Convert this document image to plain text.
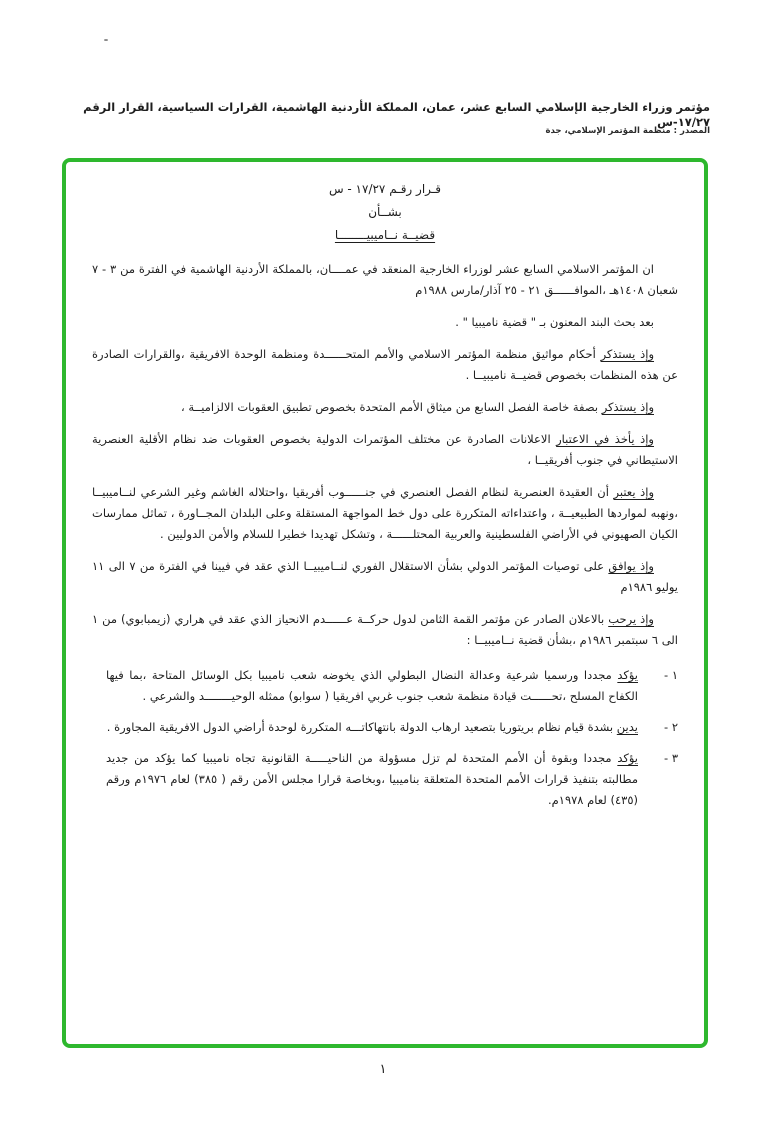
مؤتمر وزراء الخارجية الإسلامي السابع عشر، عمان، المملكة الأردنية الهاشمية، القرارات السياسية، القرار الرقم ١٧/٢٧-س
المصدر : منظمة المؤتمر الإسلامي، جدة
قـرار رقـم ١٧/٢٧ - س
بشــأن
قضيــة نــاميبيــــــــا

ان المؤتمر الاسلامي السابع عشر لوزراء الخارجية المنعقد في عمــــان، بالمملكة الأردنية الهاشمية في الفترة من ٣ - ٧ شعبان ١٤٠٨هـ ،الموافــــــق ٢١ - ٢٥ آذار/مارس ١٩٨٨م

بعد بحث البند المعنون بـ " قضية ناميبيا " .

وإذ يستذكر أحكام مواثيق منظمة المؤتمر الاسلامي والأمم المتحــــــدة ومنظمة الوحدة الافريقية ،والقرارات الصادرة عن هذه المنظمات بخصوص قضيــة ناميبيــا .

وإذ يستذكر بصفة خاصة الفصل السابع من ميثاق الأمم المتحدة بخصوص تطبيق العقوبات الالزاميــة ،

وإذ يأخذ في الاعتبار الاعلانات الصادرة عن مختلف المؤتمرات الدولية بخصوص العقوبات ضد نظام الأقلية العنصرية الاستيطاني في جنوب أفريقيــا ،

وإذ يعتبر أن العقيدة العنصرية لنظام الفصل العنصري في جنــــــوب أفريقيا ،واحتلاله الغاشم وغير الشرعي لنــاميبيــا ،ونهبه لمواردها الطبيعيــة ، واعتداءاته المتكررة على دول خط المواجهة المستقلة وعلى البلدان المجــاورة ، تماثل ممارسات الكيان الصهيوني في الأراضي الفلسطينية والعربية المحتلــــــة ، وتشكل تهديدا خطيرا للسلام والأمن الدوليين .

وإذ يوافق على توصيات المؤتمر الدولي بشأن الاستقلال الفوري لنــاميبيــا الذي عقد في فيينا في الفترة من ٧ الى ١١ يوليو ١٩٨٦م

وإذ يرحب بالاعلان الصادر عن مؤتمر القمة الثامن لدول حركــة عــــــدم الانحياز الذي عقد في هراري (زيمبابوي) من ١ الى ٦ سبتمبر ١٩٨٦م ،بشأن قضية نــاميبيــا :

١ -
يؤكد مجددا ورسميا شرعية وعدالة النضال البطولي الذي يخوضه شعب ناميبيا بكل الوسائل المتاحة ،بما فيها الكفاح المسلح ،تحــــــت قيادة منظمة شعب جنوب غربي افريقيا ( سوابو) ممثله الوحيــــــــد والشرعي .
٢ -
يدين بشدة قيام نظام بريتوريا بتصعيد ارهاب الدولة بانتهاكاتـــه المتكررة لوحدة أراضي الدول الافريقية المجاورة .
٣ -
يؤكد مجددا وبقوة أن الأمم المتحدة لم تزل مسؤولة من الناحيـــــة القانونية تجاه ناميبيا كما يؤكد من جديد مطالبته بتنفيذ قرارات الأمم المتحدة المتعلقة بناميبيا ،وبخاصة قرارا مجلس الأمن رقم ( ٣٨٥) لعام ١٩٧٦م ورقم (٤٣٥) لعام ١٩٧٨م.
١
